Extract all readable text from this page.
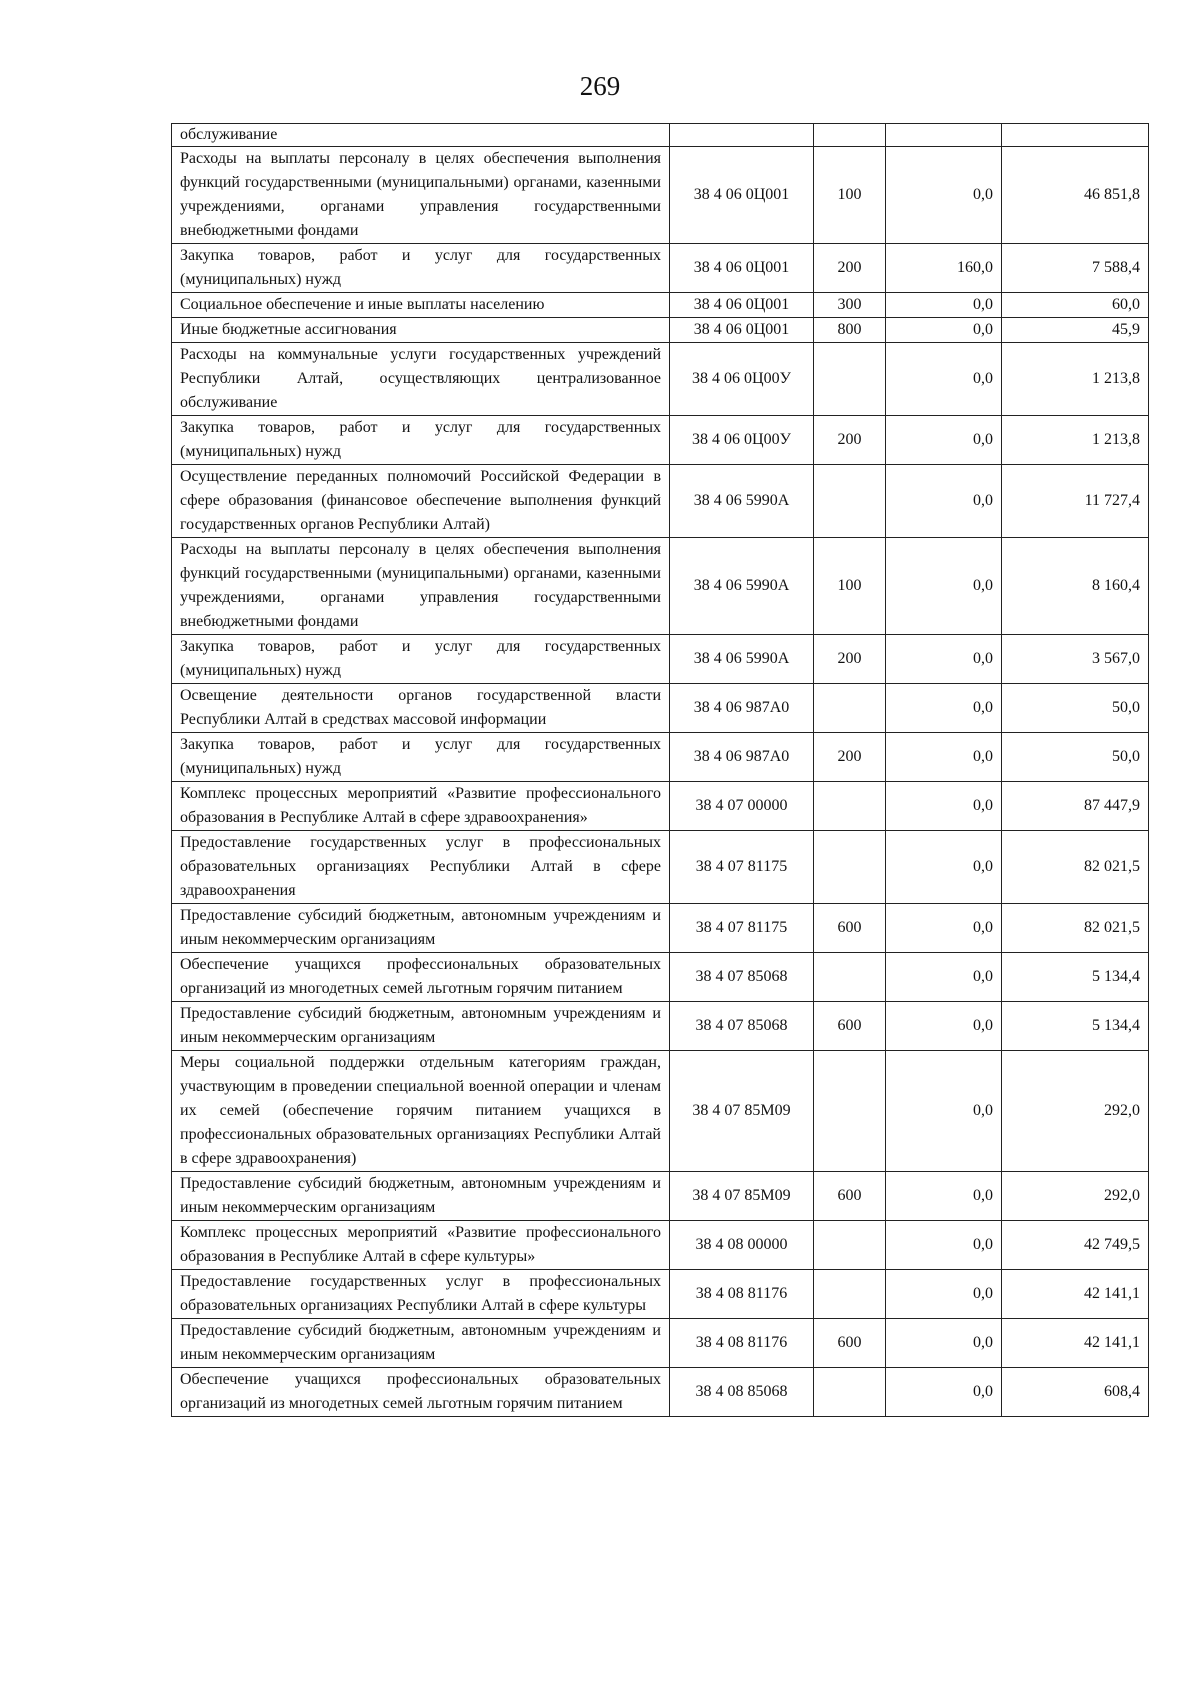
269
обслуживание				
Расходы на выплаты персоналу в целях обеспечения выполнения функций государственными (муниципальными) органами, казенными учреждениями, органами управления государственными внебюджетными фондами	38 4 06 0Ц001	100	0,0	46 851,8
Закупка товаров, работ и услуг для государственных (муниципальных) нужд	38 4 06 0Ц001	200	160,0	7 588,4
Социальное обеспечение и иные выплаты населению	38 4 06 0Ц001	300	0,0	60,0
Иные бюджетные ассигнования	38 4 06 0Ц001	800	0,0	45,9
Расходы на коммунальные услуги государственных учреждений Республики Алтай, осуществляющих централизованное обслуживание	38 4 06 0Ц00У		0,0	1 213,8
Закупка товаров, работ и услуг для государственных (муниципальных) нужд	38 4 06 0Ц00У	200	0,0	1 213,8
Осуществление переданных полномочий Российской Федерации в сфере образования (финансовое обеспечение выполнения функций государственных органов Республики Алтай)	38 4 06 5990А		0,0	11 727,4
Расходы на выплаты персоналу в целях обеспечения выполнения функций государственными (муниципальными) органами, казенными учреждениями, органами управления государственными внебюджетными фондами	38 4 06 5990А	100	0,0	8 160,4
Закупка товаров, работ и услуг для государственных (муниципальных) нужд	38 4 06 5990А	200	0,0	3 567,0
Освещение деятельности органов государственной власти Республики Алтай в средствах массовой информации	38 4 06 987А0		0,0	50,0
Закупка товаров, работ и услуг для государственных (муниципальных) нужд	38 4 06 987А0	200	0,0	50,0
Комплекс процессных мероприятий «Развитие профессионального образования в Республике Алтай в сфере здравоохранения»	38 4 07 00000		0,0	87 447,9
Предоставление государственных услуг в профессиональных образовательных организациях Республики Алтай в сфере здравоохранения	38 4 07 81175		0,0	82 021,5
Предоставление субсидий бюджетным, автономным учреждениям и иным некоммерческим организациям	38 4 07 81175	600	0,0	82 021,5
Обеспечение учащихся профессиональных образовательных организаций из многодетных семей льготным горячим питанием	38 4 07 85068		0,0	5 134,4
Предоставление субсидий бюджетным, автономным учреждениям и иным некоммерческим организациям	38 4 07 85068	600	0,0	5 134,4
Меры социальной поддержки отдельным категориям граждан, участвующим в проведении специальной военной операции и членам их семей (обеспечение горячим питанием учащихся в профессиональных образовательных организациях Республики Алтай в сфере здравоохранения)	38 4 07 85М09		0,0	292,0
Предоставление субсидий бюджетным, автономным учреждениям и иным некоммерческим организациям	38 4 07 85М09	600	0,0	292,0
Комплекс процессных мероприятий «Развитие профессионального образования в Республике Алтай в сфере культуры»	38 4 08 00000		0,0	42 749,5
Предоставление государственных услуг в профессиональных образовательных организациях Республики Алтай в сфере культуры	38 4 08 81176		0,0	42 141,1
Предоставление субсидий бюджетным, автономным учреждениям и иным некоммерческим организациям	38 4 08 81176	600	0,0	42 141,1
Обеспечение учащихся профессиональных образовательных организаций из многодетных семей льготным горячим питанием	38 4 08 85068		0,0	608,4
